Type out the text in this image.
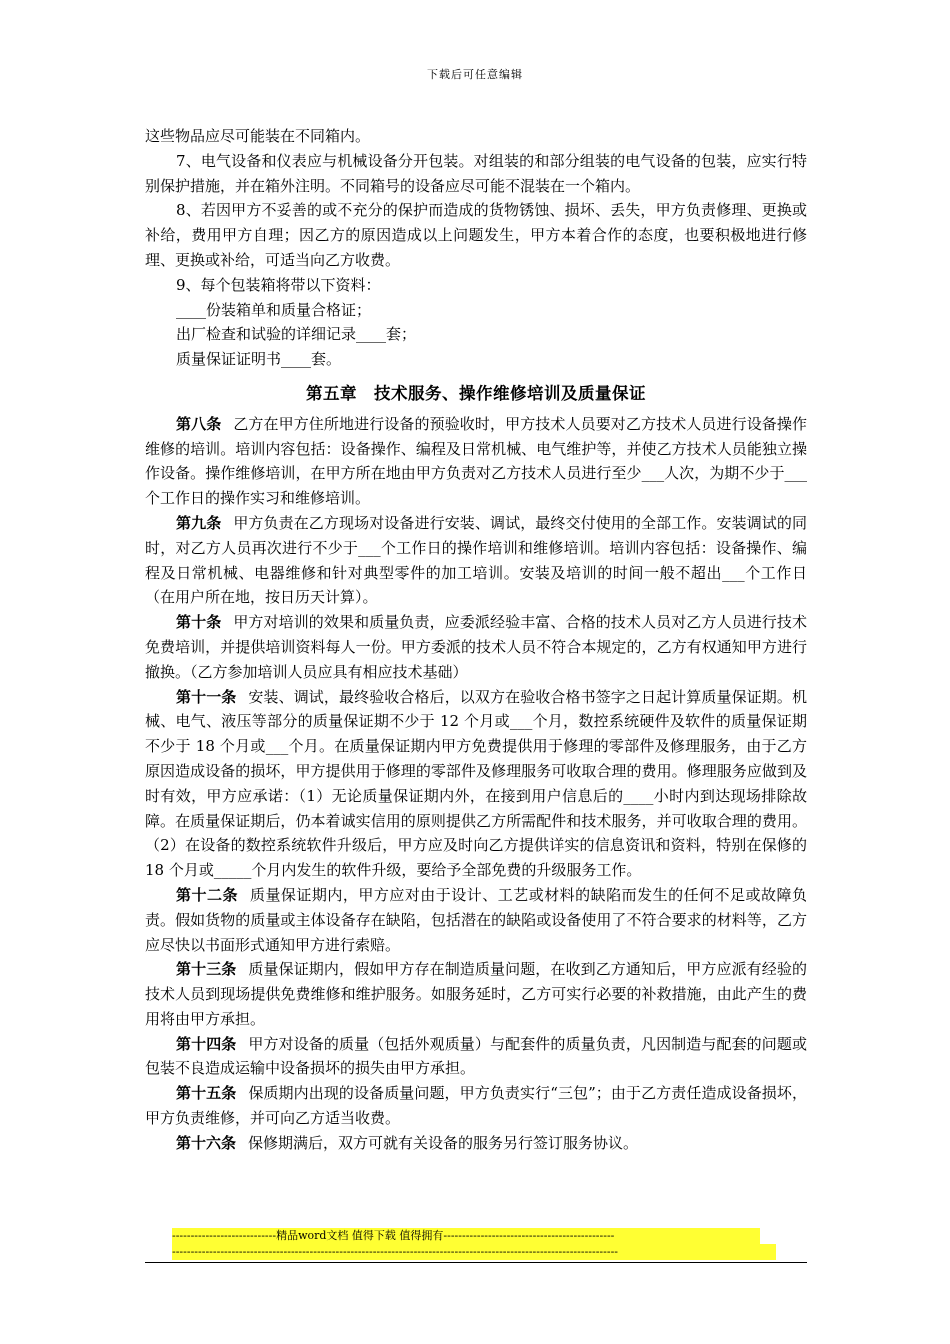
下载后可任意编辑

这些物品应尽可能装在不同箱内。

7、电气设备和仪表应与机械设备分开包装。对组装的和部分组装的电气设备的包装，应实行特别保护措施，并在箱外注明。不同箱号的设备应尽可能不混装在一个箱内。

8、若因甲方不妥善的或不充分的保护而造成的货物锈蚀、损坏、丢失，甲方负责修理、更换或补给，费用甲方自理；因乙方的原因造成以上问题发生，甲方本着合作的态度，也要积极地进行修理、更换或补给，可适当向乙方收费。

9、每个包装箱将带以下资料：

____份装箱单和质量合格证；

出厂检查和试验的详细记录____套；

质量保证证明书____套。

第五章　技术服务、操作维修培训及质量保证

第八条 乙方在甲方住所地进行设备的预验收时，甲方技术人员要对乙方技术人员进行设备操作维修的培训。培训内容包括：设备操作、编程及日常机械、电气维护等，并使乙方技术人员能独立操作设备。操作维修培训，在甲方所在地由甲方负责对乙方技术人员进行至少___人次，为期不少于___个工作日的操作实习和维修培训。

第九条 甲方负责在乙方现场对设备进行安装、调试，最终交付使用的全部工作。安装调试的同时，对乙方人员再次进行不少于___个工作日的操作培训和维修培训。培训内容包括：设备操作、编程及日常机械、电器维修和针对典型零件的加工培训。安装及培训的时间一般不超出___个工作日（在用户所在地，按日历天计算）。

第十条 甲方对培训的效果和质量负责，应委派经验丰富、合格的技术人员对乙方人员进行技术免费培训，并提供培训资料每人一份。甲方委派的技术人员不符合本规定的，乙方有权通知甲方进行撤换。（乙方参加培训人员应具有相应技术基础）

第十一条 安装、调试，最终验收合格后，以双方在验收合格书签字之日起计算质量保证期。机械、电气、液压等部分的质量保证期不少于 12 个月或___个月，数控系统硬件及软件的质量保证期不少于 18 个月或___个月。在质量保证期内甲方免费提供用于修理的零部件及修理服务，由于乙方原因造成设备的损坏，甲方提供用于修理的零部件及修理服务可收取合理的费用。修理服务应做到及时有效，甲方应承诺：（1）无论质量保证期内外，在接到用户信息后的____小时内到达现场排除故障。在质量保证期后，仍本着诚实信用的原则提供乙方所需配件和技术服务，并可收取合理的费用。（2）在设备的数控系统软件升级后，甲方应及时向乙方提供详实的信息资讯和资料，特别在保修的 18 个月或_____个月内发生的软件升级，要给予全部免费的升级服务工作。

第十二条 质量保证期内，甲方应对由于设计、工艺或材料的缺陷而发生的任何不足或故障负责。假如货物的质量或主体设备存在缺陷，包括潜在的缺陷或设备使用了不符合要求的材料等，乙方应尽快以书面形式通知甲方进行索赔。

第十三条 质量保证期内，假如甲方存在制造质量问题，在收到乙方通知后，甲方应派有经验的技术人员到现场提供免费维修和维护服务。如服务延时，乙方可实行必要的补救措施，由此产生的费用将由甲方承担。

第十四条 甲方对设备的质量（包括外观质量）与配套件的质量负责，凡因制造与配套的问题或包装不良造成运输中设备损坏的损失由甲方承担。

第十五条 保质期内出现的设备质量问题，甲方负责实行“三包”；由于乙方责任造成设备损坏，甲方负责维修，并可向乙方适当收费。

第十六条 保修期满后，双方可就有关设备的服务另行签订服务协议。

----------------------------精品word文档 值得下载 值得拥有----------------------------------------------
------------------------------------------------------------------------------------------------------------------------
